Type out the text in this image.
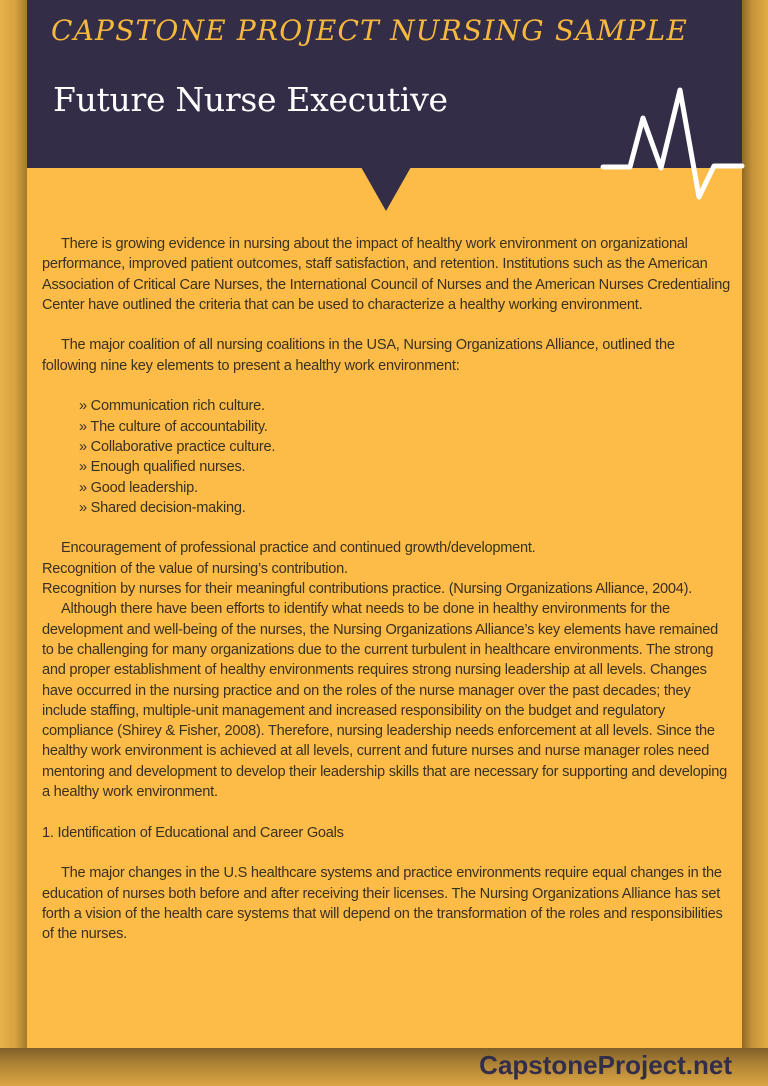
CAPSTONE PROJECT NURSING SAMPLE
Future Nurse Executive

There is growing evidence in nursing about the impact of healthy work environment on organizational performance, improved patient outcomes, staff satisfaction, and retention. Institutions such as the American Association of Critical Care Nurses, the International Council of Nurses and the American Nurses Credentialing Center have outlined the criteria that can be used to characterize a healthy working environment.

The major coalition of all nursing coalitions in the USA, Nursing Organizations Alliance, outlined the following nine key elements to present a healthy work environment:

» Communication rich culture.
» The culture of accountability.
» Collaborative practice culture.
» Enough qualified nurses.
» Good leadership.
» Shared decision-making.

Encouragement of professional practice and continued growth/development.

Recognition of the value of nursing’s contribution.

Recognition by nurses for their meaningful contributions practice. (Nursing Organizations Alliance, 2004).

Although there have been efforts to identify what needs to be done in healthy environments for the development and well-being of the nurses, the Nursing Organizations Alliance’s key elements have remained to be challenging for many organizations due to the current turbulent in healthcare environments. The strong and proper establishment of healthy environments requires strong nursing leadership at all levels. Changes have occurred in the nursing practice and on the roles of the nurse manager over the past decades; they include staffing, multiple-unit management and increased responsibility on the budget and regulatory compliance (Shirey & Fisher, 2008). Therefore, nursing leadership needs enforcement at all levels. Since the healthy work environment is achieved at all levels, current and future nurses and nurse manager roles need mentoring and development to develop their leadership skills that are necessary for supporting and developing a healthy work environment.

1. Identification of Educational and Career Goals

The major changes in the U.S healthcare systems and practice environments require equal changes in the education of nurses both before and after receiving their licenses. The Nursing Organizations Alliance has set forth a vision of the health care systems that will depend on the transformation of the roles and responsibilities of the nurses.

CapstoneProject.net
